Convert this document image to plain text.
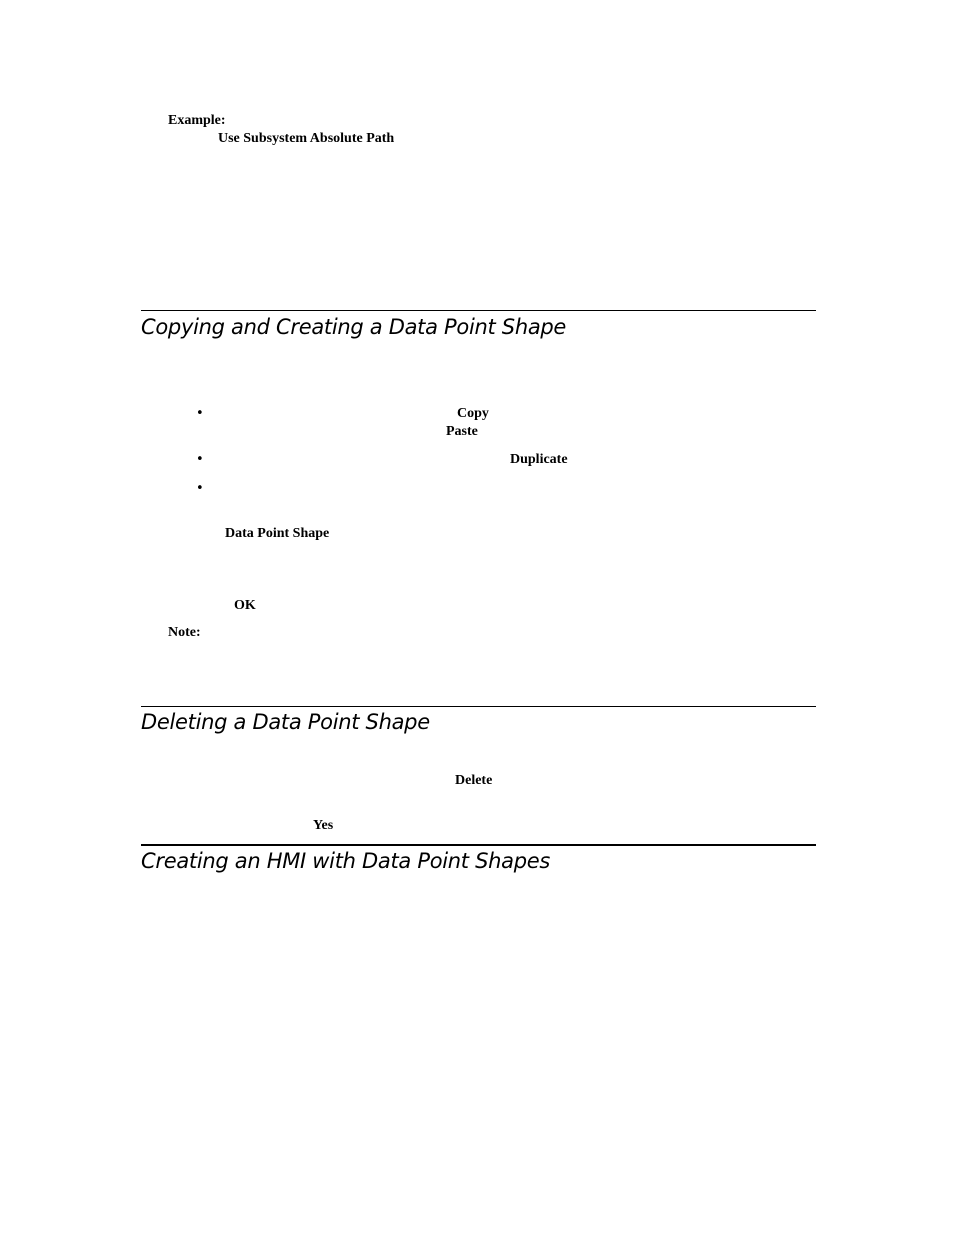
Example:
Use Subsystem Absolute Path
Copying and Creating a Data Point Shape
•	Copy
Paste
•	Duplicate
•
Data Point Shape
OK
Note:
Deleting a Data Point Shape
Delete
Yes
Creating an HMI with Data Point Shapes
